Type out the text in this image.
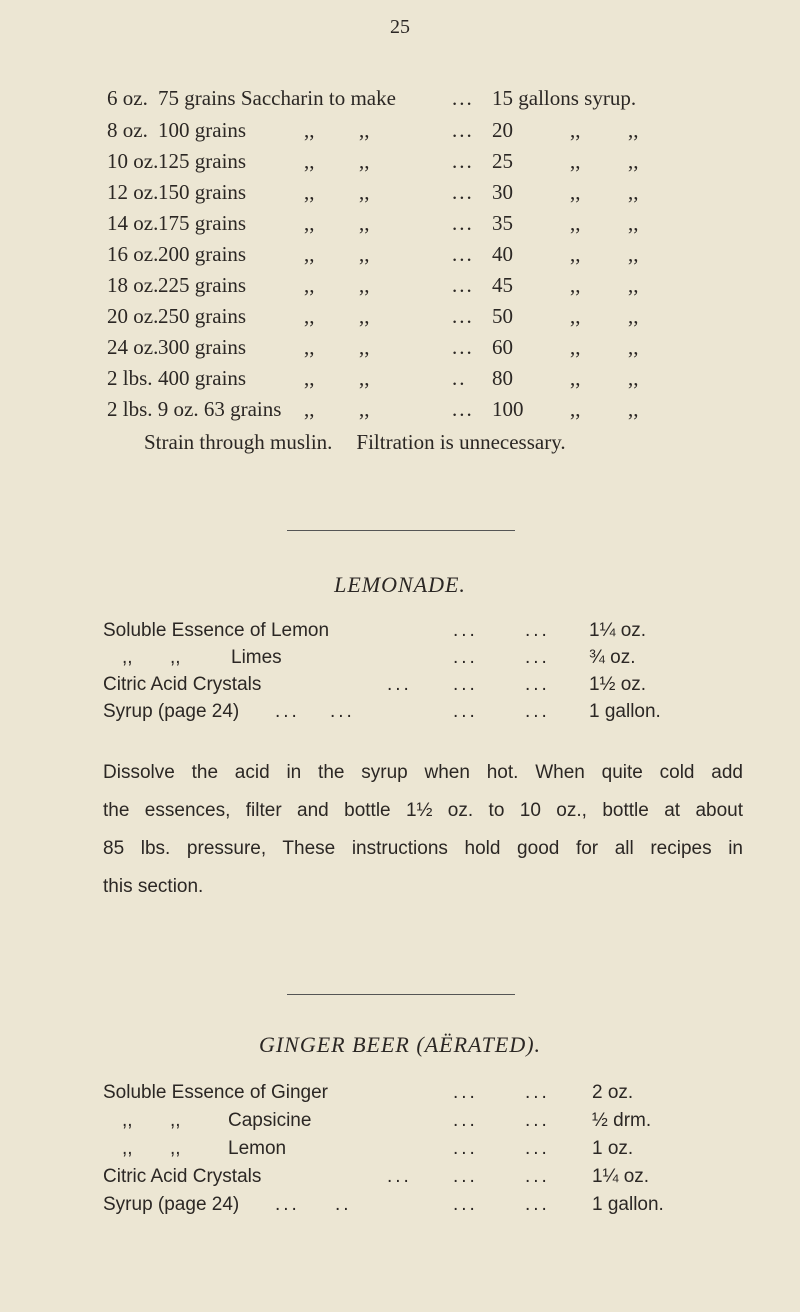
25
6 oz. 75 grains Saccharin to make	... 15 gallons syrup.
8 oz. 100 grains	,, ,,	... 20	,, ,,
10 oz. 125 grains	,, ,,	... 25	,, ,,
12 oz. 150 grains	,, ,,	... 30	,, ,,
14 oz. 175 grains	,, ,,	... 35	,, ,,
16 oz. 200 grains	,, ,,	... 40	,, ,,
18 oz. 225 grains	,, ,,	... 45	,, ,,
20 oz. 250 grains	,, ,,	... 50	,, ,,
24 oz. 300 grains	,, ,,	... 60	,, ,,
2 lbs. 400 grains	,, ,,	.. 80	,, ,,
2 lbs. 9 oz. 63 grains ,, ,,	... 100 ,, ,,
Strain through muslin. Filtration is unnecessary.
LEMONADE.
Soluble Essence of Lemon	... ... 1¼ oz.
,, ,,	Limes	... ... ¾ oz.
Citric Acid Crystals	... ... ... 1½ oz.
Syrup (page 24) ... ...	... ... 1 gallon.
Dissolve the acid in the syrup when hot. When quite cold add
the essences, filter and bottle 1½ oz. to 10 oz., bottle at about
85 lbs. pressure, These instructions hold good for all recipes in
this section.
GINGER BEER (AËRATED).
Soluble Essence of Ginger	... ... 2 oz.
,, ,, Capsicine	... ... ½ drm.
,, ,, Lemon	... ... 1 oz.
Citric Acid Crystals	... ... ... 1¼ oz.
Syrup (page 24) ... ..	... ... 1 gallon.
